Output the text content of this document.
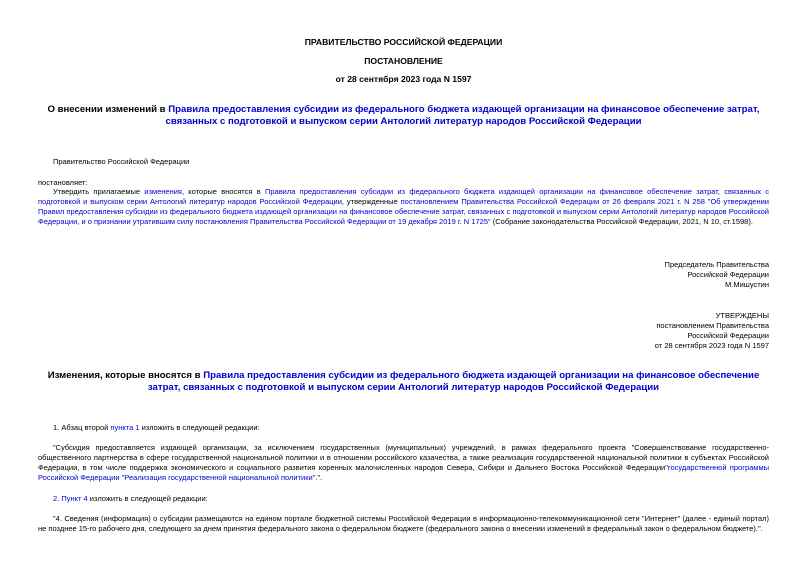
ПРАВИТЕЛЬСТВО РОССИЙСКОЙ ФЕДЕРАЦИИ
ПОСТАНОВЛЕНИЕ
от 28 сентября 2023 года N 1597
О внесении изменений в Правила предоставления субсидии из федерального бюджета издающей организации на финансовое обеспечение затрат, связанных с подготовкой и выпуском серии Антологий литератур народов Российской Федерации
Правительство Российской Федерации
постановляет:
Утвердить прилагаемые изменения, которые вносятся в Правила предоставления субсидии из федерального бюджета издающей организации на финансовое обеспечение затрат, связанных с подготовкой и выпуском серии Антологий литератур народов Российской Федерации, утвержденные постановлением Правительства Российской Федерации от 26 февраля 2021 г. N 258 "Об утверждении Правил предоставления субсидии из федерального бюджета издающей организации на финансовое обеспечение затрат, связанных с подготовкой и выпуском серии Антологий литератур народов Российской Федерации, и о признании утратившим силу постановления Правительства Российской Федерации от 19 декабря 2019 г. N 1725" (Собрание законодательства Российской Федерации, 2021, N 10, ст.1598).
Председатель Правительства
Российской Федерации
М.Мишустин
УТВЕРЖДЕНЫ
постановлением Правительства
Российской Федерации
от 28 сентября 2023 года N 1597
Изменения, которые вносятся в Правила предоставления субсидии из федерального бюджета издающей организации на финансовое обеспечение затрат, связанных с подготовкой и выпуском серии Антологий литератур народов Российской Федерации
1. Абзац второй пункта 1 изложить в следующей редакции:
"Субсидия предоставляется издающей организации, за исключением государственных (муниципальных) учреждений, в рамках федерального проекта "Совершенствование государственно-общественного партнерства в сфере государственной национальной политики и в отношении российского казачества, а также реализация государственной национальной политики в субъектах Российской Федерации, в том числе поддержка экономического и социального развития коренных малочисленных народов Севера, Сибири и Дальнего Востока Российской Федерации"государственной программы Российской Федерации "Реализация государственной национальной политики".".
2. Пункт 4 изложить в следующей редакции:
"4. Сведения (информация) о субсидии размещаются на едином портале бюджетной системы Российской Федерации в информационно-телекоммуникационной сети "Интернет" (далее - единый портал) не позднее 15-го рабочего дня, следующего за днем принятия федерального закона о федеральном бюджете (федерального закона о внесении изменений в федеральный закон о федеральном бюджете).".
